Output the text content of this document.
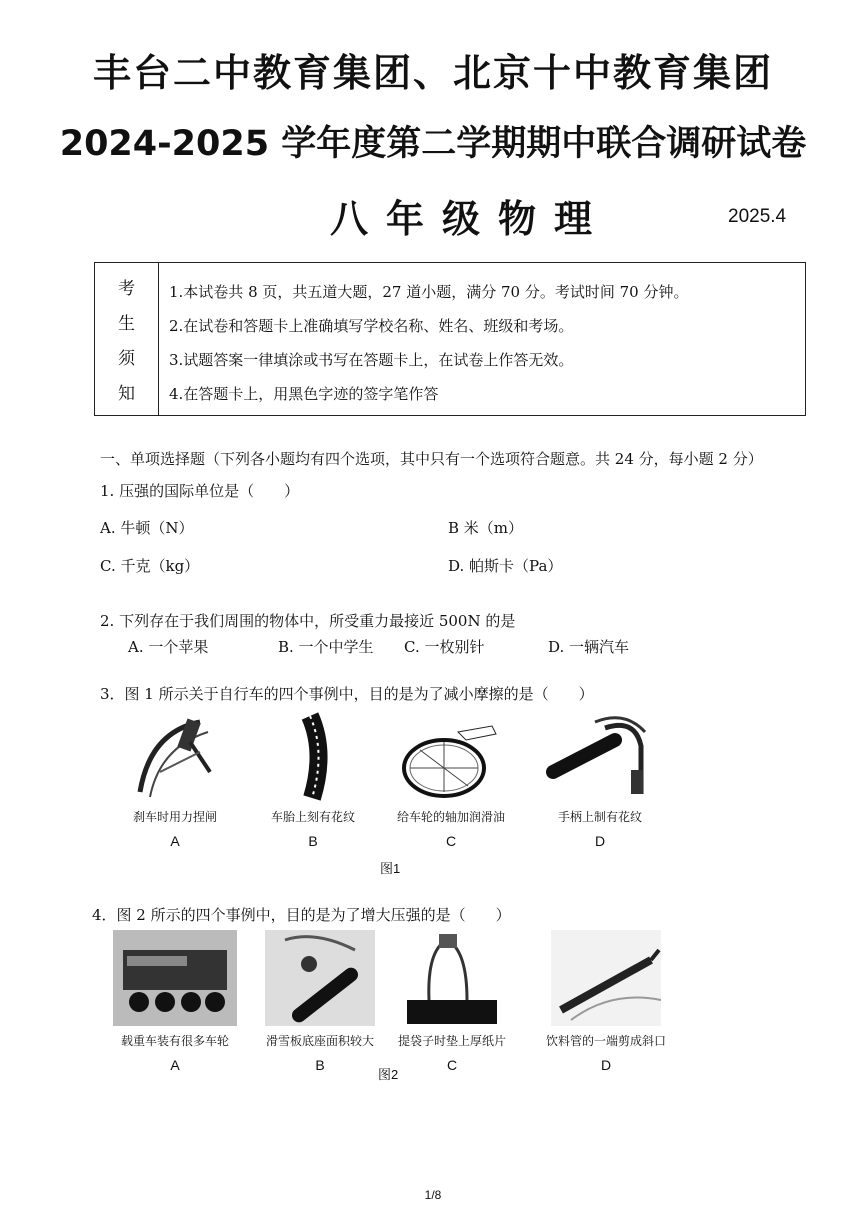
丰台二中教育集团、北京十中教育集团
2024-2025 学年度第二学期期中联合调研试卷
八年级物理	2025.4
考
生
须
知
1.本试卷共 8 页，共五道大题，27 道小题，满分 70 分。考试时间 70 分钟。
2.在试卷和答题卡上准确填写学校名称、姓名、班级和考场。
3.试题答案一律填涂或书写在答题卡上，在试卷上作答无效。
4.在答题卡上，用黑色字迹的签字笔作答
一、单项选择题（下列各小题均有四个选项，其中只有一个选项符合题意。共 24 分，每小题 2 分）
1. 压强的国际单位是（　　）
A. 牛顿（N）	B 米（m）
C. 千克（kg）	D. 帕斯卡（Pa）
2. 下列存在于我们周围的物体中，所受重力最接近 500N 的是
A. 一个苹果	B. 一个中学生 C. 一枚别针	D. 一辆汽车
3．图 1 所示关于自行车的四个事例中，目的是为了减小摩擦的是（　　）
刹车时用力捏闸
A
车胎上刻有花纹
B
给车轮的轴加润滑油
C
手柄上制有花纹
D
图1
4．图 2 所示的四个事例中，目的是为了增大压强的是（　　）
载重车装有很多车轮
A
滑雪板底座面积较大
B
提袋子时垫上厚纸片
C
饮料管的一端剪成斜口
D
图2
1/8
